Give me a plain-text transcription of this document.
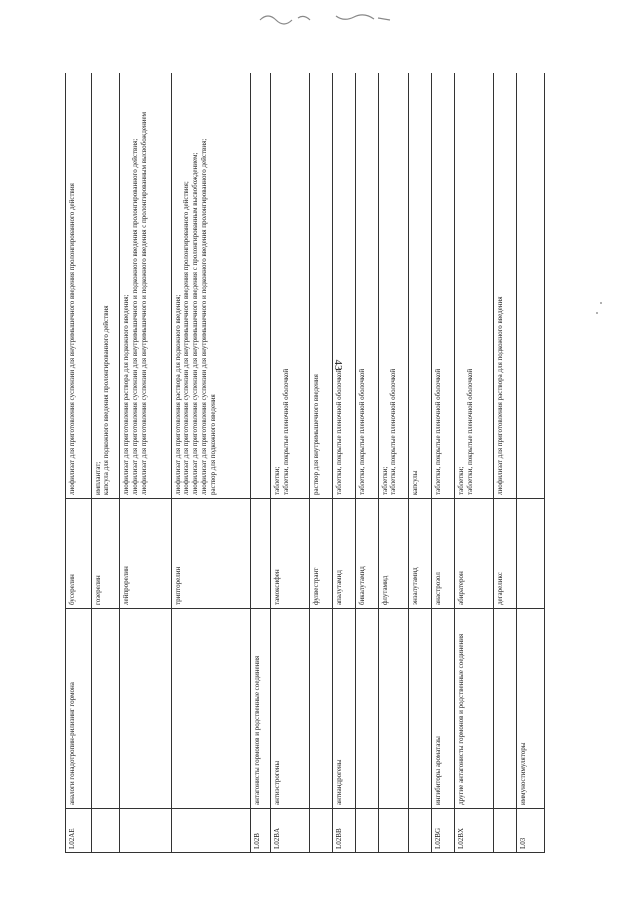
43
L02AE	аналоги гонадотропин-рилизинг гормона	бусерелин	лиофилизат для приготовления суспензии для внутримышечного введения пролонгированного действия

		гозерелин	имплантат; капсула для подкожного введения пролонгированного действия

		лейпрорелин	лиофилизат для приготовления раствора для подкожного введения; лиофилизат для приготовления суспензии для внутримышечного и подкожного введения пролонгированного действия; лиофилизат для приготовления суспензии для внутримышечного и подкожного введения с пролонгированным высвобождением

		трипторелин	лиофилизат для приготовления раствора для подкожного введения; лиофилизат для приготовления суспензии для внутримышечного введения пролонгированного действия; лиофилизат для приготовления суспензии для внутримышечного введения с пролонгированным высвобождением; лиофилизат для приготовления суспензии для внутримышечного и подкожного введения пролонгированного действия; раствор для подкожного введения

L02B	антагонисты гормонов и родственные соединения		
L02BA	антиэстрогены	тамоксифен	таблетки; таблетки, покрытые пленочной оболочкой

		фулвестрант	раствор для внутримышечного введения

L02BB	антиандрогены	апалутамид	таблетки, покрытые пленочной оболочкой

		бикалутамид	таблетки, покрытые пленочной оболочкой

		флутамид	таблетки; таблетки, покрытые пленочной оболочкой

		энзалутамид	капсулы

L02BG	ингибиторы ароматазы	анастрозол	таблетки, покрытые пленочной оболочкой

L02BX	другие антагонисты гормонов и родственные соединения	абиратерон	таблетки; таблетки, покрытые пленочной оболочкой

		дегареликс	лиофилизат для приготовления раствора для подкожного введения

L03	иммуностимуляторы		
